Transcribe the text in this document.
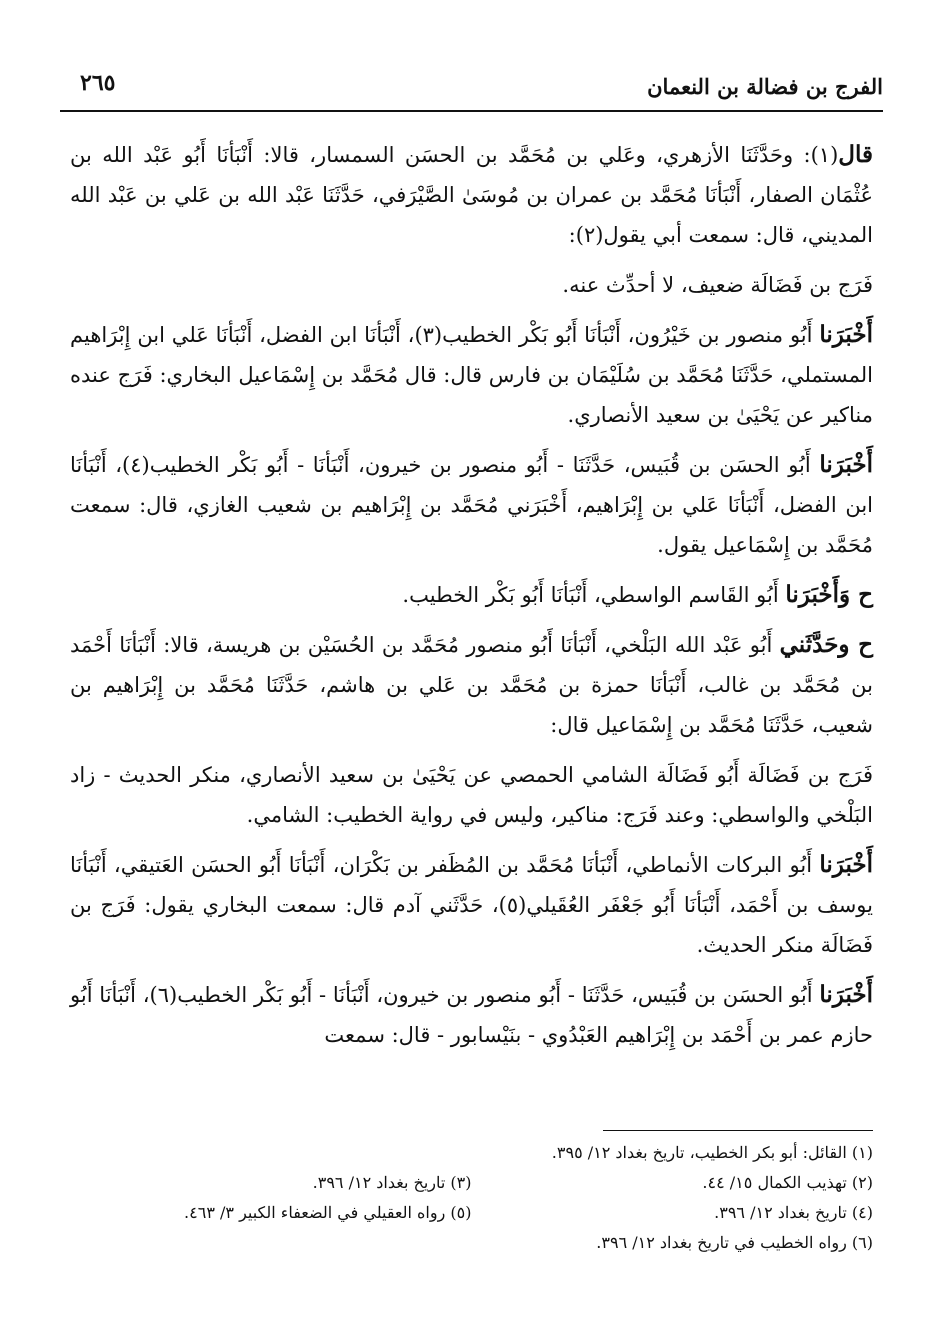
الفرج بن فضالة بن النعمان
٢٦٥

قال(١): وحَدَّثَنَا الأزهري، وعَلي بن مُحَمَّد بن الحسَن السمسار، قالا: أَنْبَأنَا أَبُو عَبْد الله بن عُثْمَان الصفار، أَنْبَأنَا مُحَمَّد بن عمران بن مُوسَىٰ الصَّيْرَفي، حَدَّثَنَا عَبْد الله بن عَلي بن عَبْد الله المديني، قال: سمعت أبي يقول(٢):

فَرَج بن فَضَالَة ضعيف، لا أحدِّث عنه.

أَخْبَرَنا أَبُو منصور بن خَيْرُون، أَنْبَأنَا أَبُو بَكْر الخطيب(٣)، أَنْبَأنَا ابن الفضل، أَنْبَأنَا عَلي ابن إِبْرَاهيم المستملي، حَدَّثَنَا مُحَمَّد بن سُلَيْمَان بن فارس قال: قال مُحَمَّد بن إِسْمَاعيل البخاري: فَرَج عنده مناكير عن يَحْيَىٰ بن سعيد الأنصاري.

أَخْبَرَنا أَبُو الحسَن بن قُبَيس، حَدَّثَنَا - أَبُو منصور بن خيرون، أَنْبَأنَا - أَبُو بَكْر الخطيب(٤)، أَنْبَأنَا ابن الفضل، أَنْبَأنَا عَلي بن إِبْرَاهيم، أَخْبَرَني مُحَمَّد بن إِبْرَاهيم بن شعيب الغازي، قال: سمعت مُحَمَّد بن إِسْمَاعيل يقول.

ح وَأَخْبَرَنا أَبُو القَاسم الواسطي، أَنْبَأنَا أَبُو بَكْر الخطيب.

ح وحَدَّثَني أَبُو عَبْد الله البَلْخي، أَنْبَأنَا أَبُو منصور مُحَمَّد بن الحُسَيْن بن هريسة، قالا: أَنْبَأنَا أَحْمَد بن مُحَمَّد بن غالب، أَنْبَأنَا حمزة بن مُحَمَّد بن عَلي بن هاشم، حَدَّثَنَا مُحَمَّد بن إِبْرَاهيم بن شعيب، حَدَّثَنَا مُحَمَّد بن إِسْمَاعيل قال:

فَرَج بن فَضَالَة أَبُو فَضَالَة الشامي الحمصي عن يَحْيَىٰ بن سعيد الأنصاري، منكر الحديث - زاد البَلْخي والواسطي: وعند فَرَج: مناكير، وليس في رواية الخطيب: الشامي.

أَخْبَرَنا أَبُو البركات الأنماطي، أَنْبَأنَا مُحَمَّد بن المُظَفر بن بَكْرَان، أَنْبَأنَا أَبُو الحسَن العَتيقي، أَنْبَأنَا يوسف بن أَحْمَد، أَنْبَأنَا أَبُو جَعْفَر العُقَيلي(٥)، حَدَّثَني آدم قال: سمعت البخاري يقول: فَرَج بن فَضَالَة منكر الحديث.

أَخْبَرَنا أَبُو الحسَن بن قُبَيس، حَدَّثَنَا - أَبُو منصور بن خيرون، أَنْبَأنَا - أَبُو بَكْر الخطيب(٦)، أَنْبَأنَا أَبُو حازم عمر بن أَحْمَد بن إِبْرَاهيم العَبْدُوي - بنَيْسابور - قال: سمعت

(١) القائل: أبو بكر الخطيب، تاريخ بغداد ١٢/ ٣٩٥.
(٢) تهذيب الكمال ١٥/ ٤٤.
(٣) تاريخ بغداد ١٢/ ٣٩٦.
(٤) تاريخ بغداد ١٢/ ٣٩٦.
(٥) رواه العقيلي في الضعفاء الكبير ٣/ ٤٦٣.
(٦) رواه الخطيب في تاريخ بغداد ١٢/ ٣٩٦.
